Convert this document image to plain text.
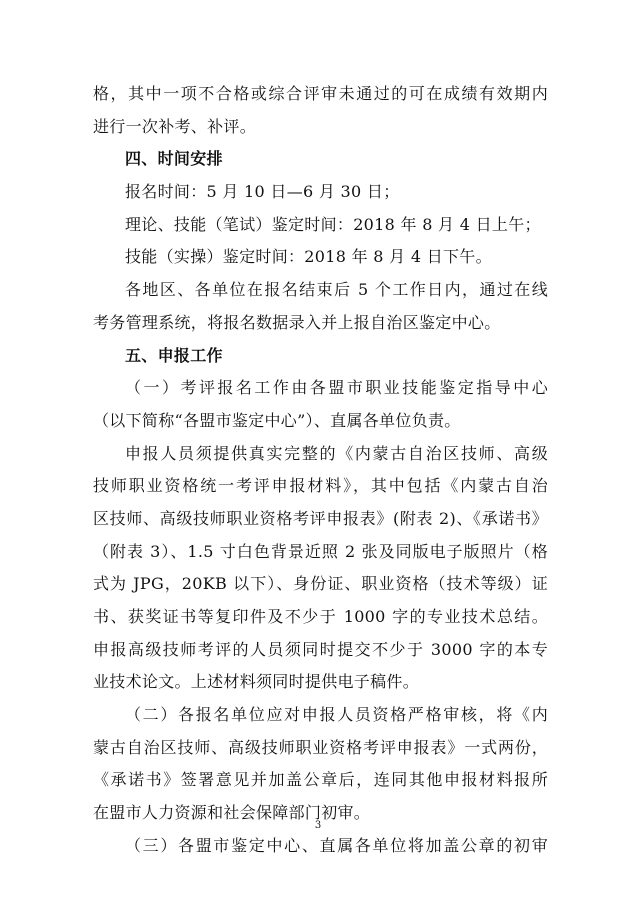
格，其中一项不合格或综合评审未通过的可在成绩有效期内
进行一次补考、补评。
四、时间安排
报名时间：5 月 10 日—6 月 30 日；
理论、技能（笔试）鉴定时间：2018 年 8 月 4 日上午；
技能（实操）鉴定时间：2018 年 8 月 4 日下午。
各地区、各单位在报名结束后 5 个工作日内，通过在线
考务管理系统，将报名数据录入并上报自治区鉴定中心。
五、申报工作
（一）考评报名工作由各盟市职业技能鉴定指导中心
（以下简称“各盟市鉴定中心”）、直属各单位负责。
申报人员须提供真实完整的《内蒙古自治区技师、高级
技师职业资格统一考评申报材料》，其中包括《内蒙古自治
区技师、高级技师职业资格考评申报表》(附表 2)、《承诺书》
（附表 3）、1.5 寸白色背景近照 2 张及同版电子版照片（格
式为 JPG，20KB 以下）、身份证、职业资格（技术等级）证
书、获奖证书等复印件及不少于 1000 字的专业技术总结。
申报高级技师考评的人员须同时提交不少于 3000 字的本专
业技术论文。上述材料须同时提供电子稿件。
（二）各报名单位应对申报人员资格严格审核，将《内
蒙古自治区技师、高级技师职业资格考评申报表》一式两份，
《承诺书》签署意见并加盖公章后，连同其他申报材料报所
在盟市人力资源和社会保障部门初审。
（三）各盟市鉴定中心、直属各单位将加盖公章的初审
3
